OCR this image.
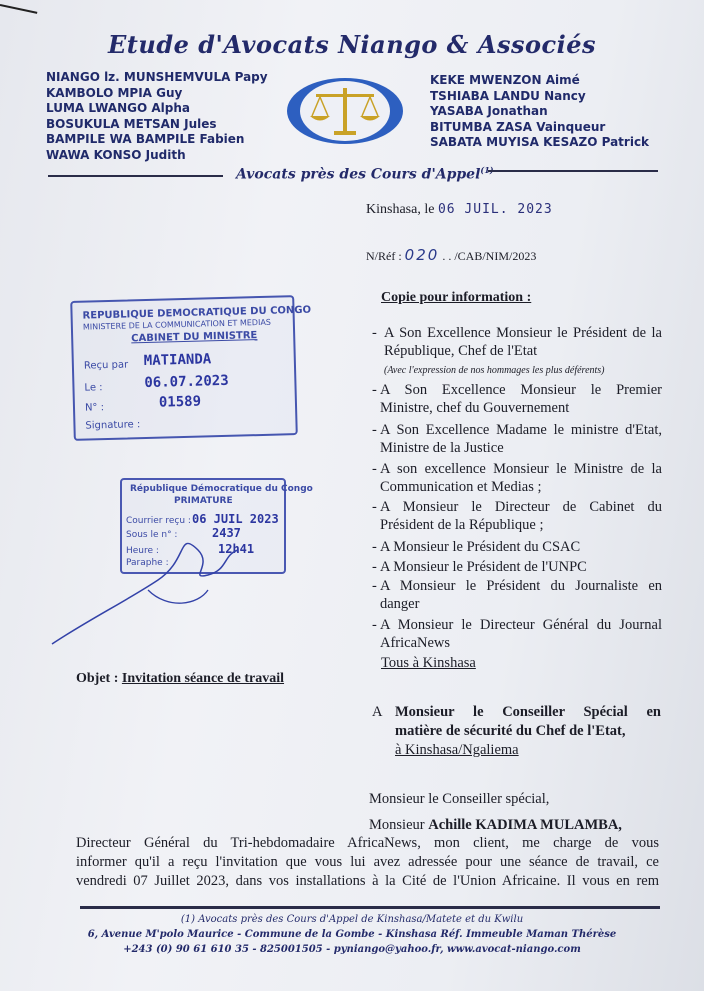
Etude d'Avocats Niango & Associés
NIANGO lz. MUNSHEMVULA Papy
KAMBOLO MPIA Guy
LUMA LWANGO Alpha
BOSUKULA METSAN Jules
BAMPILE WA BAMPILE Fabien
WAWA KONSO Judith
KEKE MWENZON Aimé
TSHIABA LANDU Nancy
YASABA Jonathan
BITUMBA ZASA Vainqueur
SABATA MUYISA KESAZO Patrick
Avocats près des Cours d'Appel$^{(1)}$
Kinshasa, le 06 JUIL. 2023
N/Réf : 020 . . /CAB/NIM/2023
REPUBLIQUE DEMOCRATIQUE DU CONGO
MINISTERE DE LA COMMUNICATION ET MEDIAS
CABINET DU MINISTRE
Reçu par MATIANDA
Le :	06.07.2023
N° :	01589
Signature :
République Démocratique du Congo
PRIMATURE
Courrier reçu : 06 JUIL 2023
Sous le n° :	2437
Heure :	12h41
Paraphe :
Copie pour information :
- A Son Excellence Monsieur le Président de la République, Chef de l'Etat
(Avec l'expression de nos hommages les plus déférents)
- A Son Excellence Monsieur le Premier Ministre, chef du Gouvernement
- A Son Excellence Madame le ministre d'Etat, Ministre de la Justice
- A son excellence Monsieur le Ministre de la Communication et Medias ;
- A Monsieur le Directeur de Cabinet du Président de la République ;
- A Monsieur le Président du CSAC
- A Monsieur le Président de l'UNPC
- A Monsieur le Président du Journaliste en danger
- A Monsieur le Directeur Général du Journal AfricaNews
Tous à Kinshasa
Objet : Invitation séance de travail
A Monsieur le Conseiller Spécial en
matière de sécurité du Chef de l'Etat,
à Kinshasa/Ngaliema
Monsieur le Conseiller spécial,
Monsieur Achille KADIMA MULAMBA,
Directeur Général du Tri-hebdomadaire AfricaNews, mon client, me charge de vous
informer qu'il a reçu l'invitation que vous lui avez adressée pour une séance de travail, ce
vendredi 07 Juillet 2023, dans vos installations à la Cité de l'Union Africaine. Il vous en rem
(1) Avocats près des Cours d'Appel de Kinshasa/Matete et du Kwilu
6, Avenue M'polo Maurice - Commune de la Gombe - Kinshasa Réf. Immeuble Maman Thérèse
+243 (0) 90 61 610 35 - 825001505 - pyniango@yahoo.fr, www.avocat-niango.com
